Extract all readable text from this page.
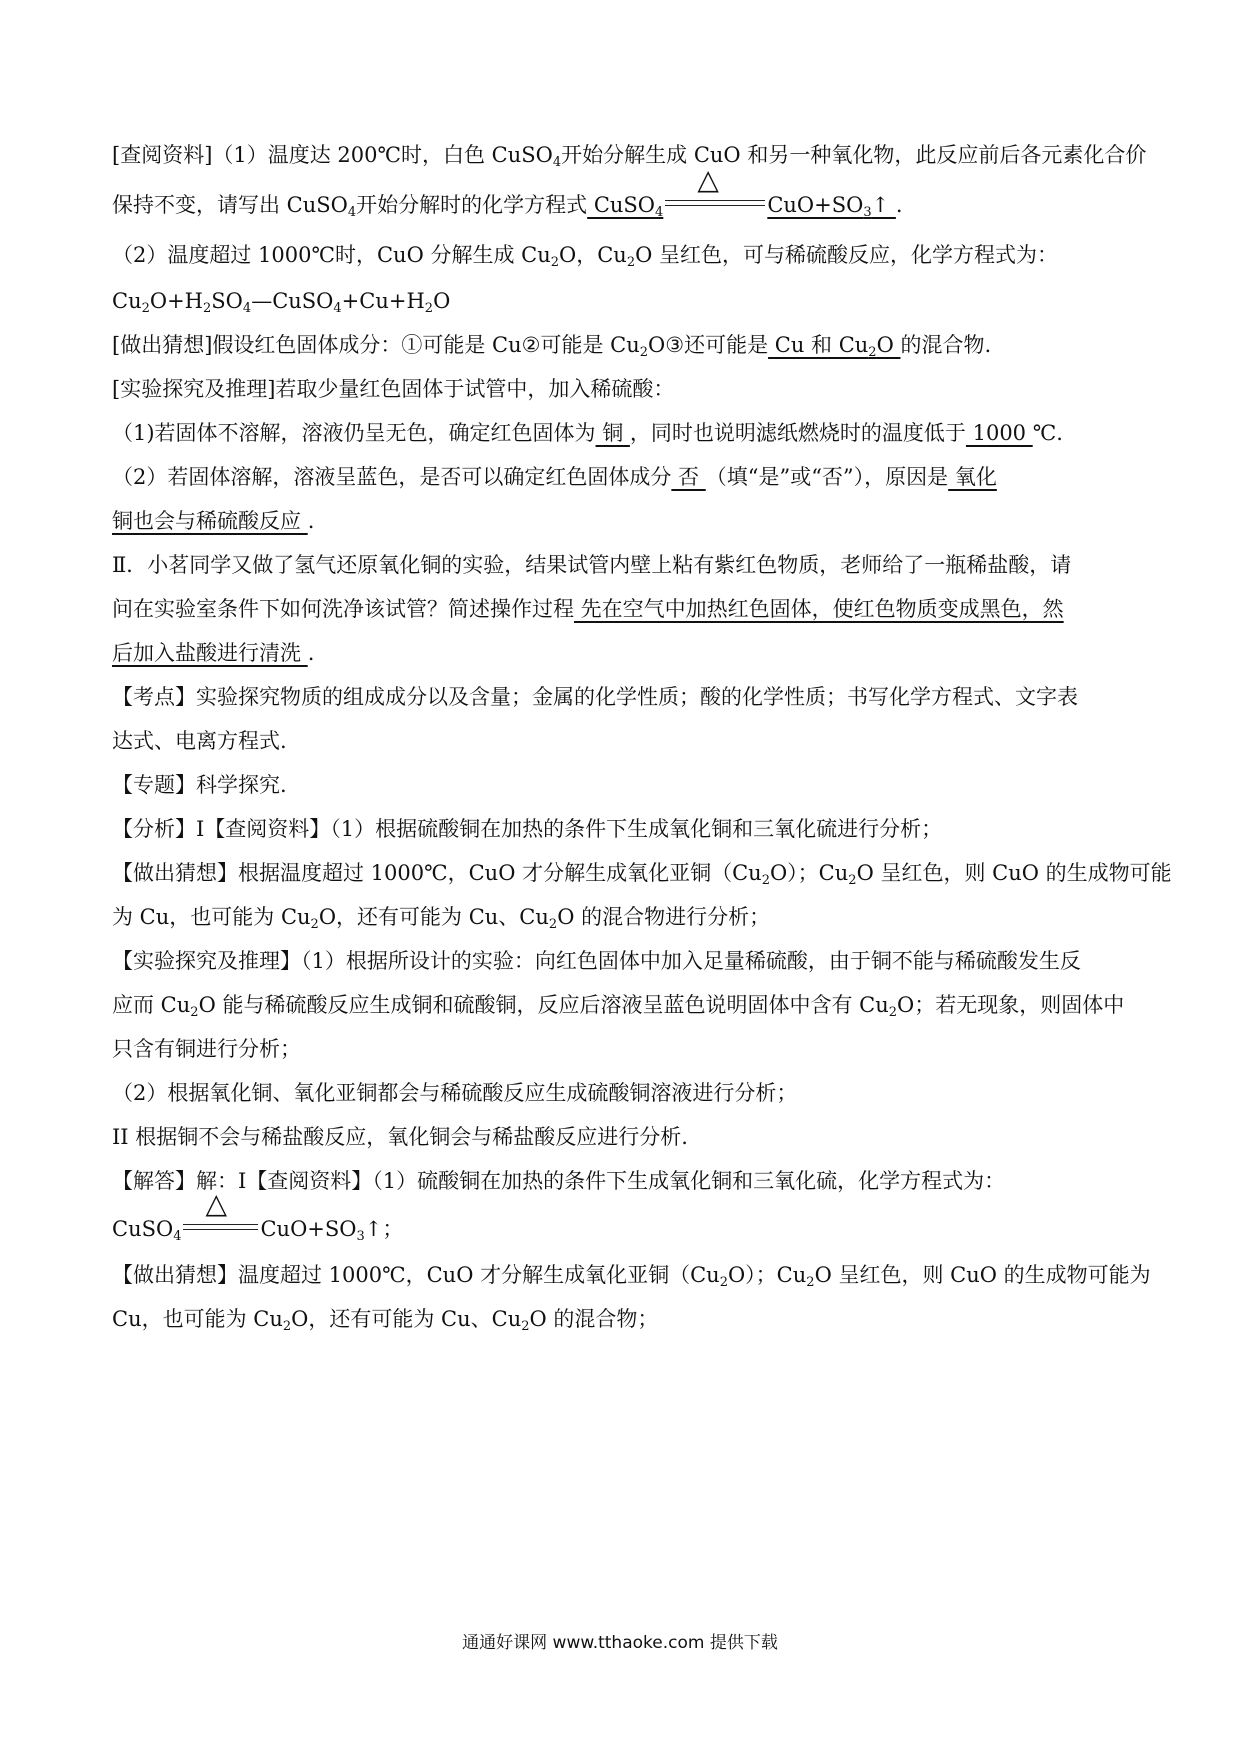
[查阅资料]（1）温度达 200℃时，白色 CuSO$_4$开始分解生成 CuO 和另一种氧化物，此反应前后各元素化合价
保持不变，请写出 CuSO$_4$开始分解时的化学方程式 CuSO$_4$
△
$CuO+SO_3↑$ .
（2）温度超过 1000℃时，CuO 分解生成 $Cu_2O$，$Cu_2O$ 呈红色，可与稀硫酸反应，化学方程式为：
$Cu_2O+H_2SO_4—CuSO_4+Cu+H_2O$
[做出猜想]假设红色固体成分：①可能是 Cu②可能是 $Cu_2O③$还可能是 Cu 和 $Cu_2O$ 的混合物.
[实验探究及推理]若取少量红色固体于试管中，加入稀硫酸：
（1)若固体不溶解，溶液仍呈无色，确定红色固体为 铜 ，同时也说明滤纸燃烧时的温度低于 1000 ℃.
（2）若固体溶解，溶液呈蓝色，是否可以确定红色固体成分 否 （填“是”或“否”），原因是 氧化
铜也会与稀硫酸反应 .
Ⅱ．小茗同学又做了氢气还原氧化铜的实验，结果试管内壁上粘有紫红色物质，老师给了一瓶稀盐酸，请
问在实验室条件下如何洗净该试管？简述操作过程 先在空气中加热红色固体，使红色物质变成黑色，然
后加入盐酸进行清洗 .
【考点】实验探究物质的组成成分以及含量；金属的化学性质；酸的化学性质；书写化学方程式、文字表
达式、电离方程式.
【专题】科学探究.
【分析】Ⅰ【查阅资料】（1）根据硫酸铜在加热的条件下生成氧化铜和三氧化硫进行分析；
【做出猜想】根据温度超过 1000℃，CuO 才分解生成氧化亚铜$(Cu_2O)$；$Cu_2O$ 呈红色，则 CuO 的生成物可能
为 Cu，也可能为 $Cu_2O$，还有可能为 Cu、$Cu_2O$ 的混合物进行分析；
【实验探究及推理】（1）根据所设计的实验：向红色固体中加入足量稀硫酸，由于铜不能与稀硫酸发生反
应而 $Cu_2O$ 能与稀硫酸反应生成铜和硫酸铜，反应后溶液呈蓝色说明固体中含有 $Cu_2O$；若无现象，则固体中
只含有铜进行分析；
（2）根据氧化铜、氧化亚铜都会与稀硫酸反应生成硫酸铜溶液进行分析；
II 根据铜不会与稀盐酸反应，氧化铜会与稀盐酸反应进行分析.
【解答】解：Ⅰ【查阅资料】（1）硫酸铜在加热的条件下生成氧化铜和三氧化硫，化学方程式为：
CuSO$_4$
△
$CuO+SO_3↑$；
【做出猜想】温度超过 1000℃，CuO 才分解生成氧化亚铜$(Cu_2O)$；$Cu_2O$ 呈红色，则 CuO 的生成物可能为
Cu，也可能为 $Cu_2O$，还有可能为 Cu、$Cu_2O$ 的混合物；
通通好课网 www.tthaoke.com 提供下载
